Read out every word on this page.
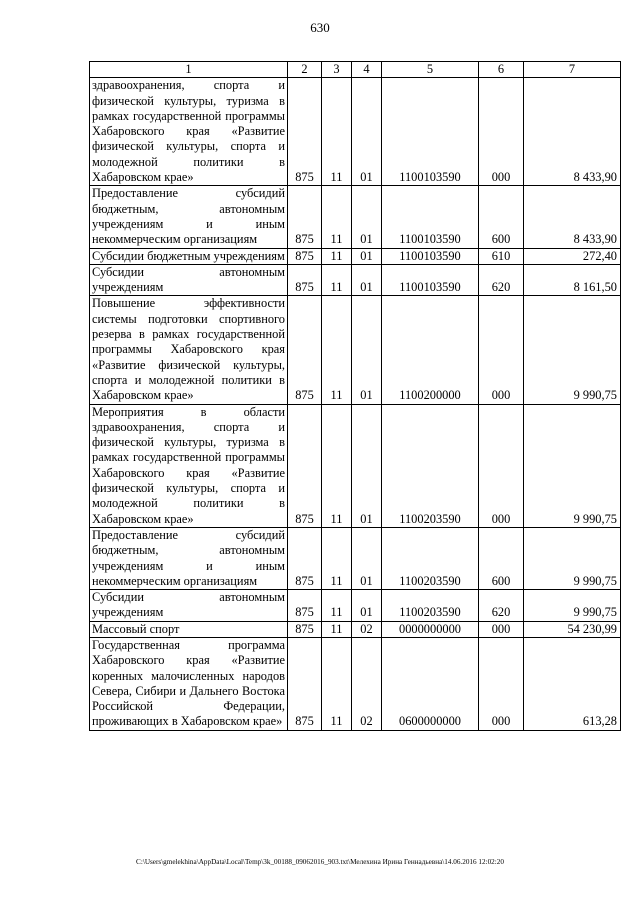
630
1	2	3	4	5	6	7
здравоохранения, спорта и физической культуры, туризма в рамках государственной программы Хабаровского края «Развитие физической культуры, спорта и молодежной политики в Хабаровском крае»	875	11	01	1100103590	000	8 433,90
Предоставление субсидий бюджетным, автономным учреждениям и иным некоммерческим организациям	875	11	01	1100103590	600	8 433,90
Субсидии бюджетным учреждениям	875	11	01	1100103590	610	272,40
Субсидии автономным учреждениям	875	11	01	1100103590	620	8 161,50
Повышение эффективности системы подготовки спортивного резерва в рамках государственной программы Хабаровского края «Развитие физической культуры, спорта и молодежной политики в Хабаровском крае»	875	11	01	1100200000	000	9 990,75
Мероприятия в области здравоохранения, спорта и физической культуры, туризма в рамках государственной программы Хабаровского края «Развитие физической культуры, спорта и молодежной политики в Хабаровском крае»	875	11	01	1100203590	000	9 990,75
Предоставление субсидий бюджетным, автономным учреждениям и иным некоммерческим организациям	875	11	01	1100203590	600	9 990,75
Субсидии автономным учреждениям	875	11	01	1100203590	620	9 990,75
Массовый спорт	875	11	02	0000000000	000	54 230,99
Государственная программа Хабаровского края «Развитие коренных малочисленных народов Севера, Сибири и Дальнего Востока Российской Федерации, проживающих в Хабаровском крае»	875	11	02	0600000000	000	613,28
C:\Users\gmelekhina\AppData\Local\Temp\3k_00188_09062016_903.txt\Мелехина Ирина Геннадьевна\14.06.2016 12:02:20
